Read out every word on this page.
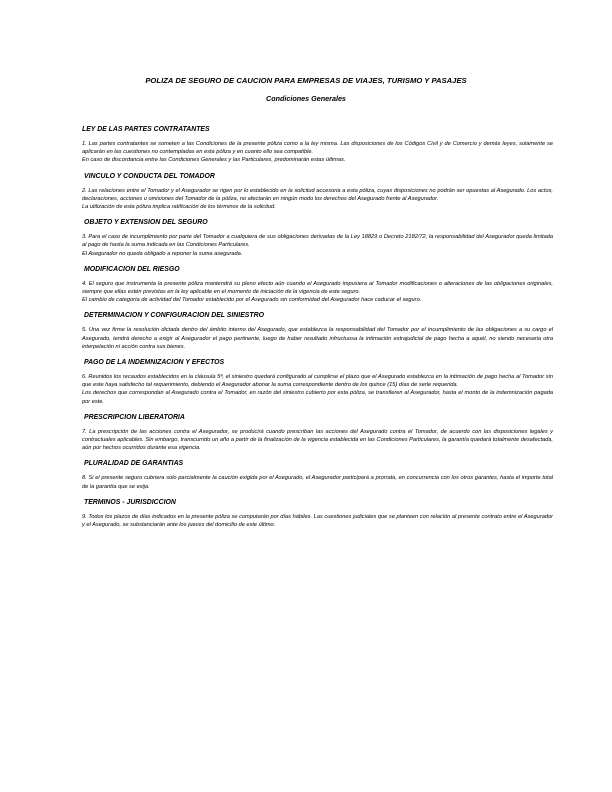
POLIZA DE SEGURO DE CAUCION PARA EMPRESAS DE VIAJES, TURISMO Y PASAJES
Condiciones Generales

LEY DE LAS PARTES CONTRATANTES

1. Las partes contratantes se someten a las Condiciones de la presente póliza como a la ley misma. Las disposiciones de los Códigos Civil y de Comercio y demás leyes, solamente se aplicarán en las cuestiones no contempladas en esta póliza y en cuanto ello sea compatible.

En caso de discordancia entre las Condiciones Generales y las Particulares, predominarán estas últimas.

VINCULO Y CONDUCTA DEL TOMADOR

2. Las relaciones entre el Tomador y el Asegurador se rigen por lo establecido en la solicitud accesoria a esta póliza, cuyas disposiciones no podrán ser opuestas al Asegurado. Los actos, declaraciones, acciones u omisiones del Tomador de la póliza, no afectarán en ningún modo los derechos del Asegurado frente al Asegurador.

La utilización de esta póliza implica ratificación de los términos de la solicitud.

OBJETO Y EXTENSION DEL SEGURO

3. Para el caso de incumplimiento por parte del Tomador a cualquiera de sus obligaciones derivadas de la Ley 18829 o Decreto 2182/72, la responsabilidad del Asegurador queda limitada al pago de hasta la suma indicada en las Condiciones Particulares.

El Asegurador no queda obligado a reponer la suma asegurada.

MODIFICACION DEL RIESGO

4. El seguro que instrumenta la presente póliza mantendrá su pleno efecto aún cuando el Asegurado impusiera al Tomador modificaciones o alteraciones de las obligaciones originales, siempre que ellas estén previstas en la ley aplicable en el momento de iniciación de la vigencia de este seguro.

El cambio de categoría de actividad del Tomador establecido por el Asegurado sin conformidad del Asegurador hace caducar el seguro.

DETERMINACION Y CONFIGURACION DEL SINIESTRO

5. Una vez firme la resolución dictada dentro del ámbito interno del Asegurado, que establezca la responsabilidad del Tomador por el incumplimiento de las obligaciones a su cargo el Asegurado, tendrá derecho a exigir al Asegurador el pago pertinente, luego de haber resultado infructuosa la intimación extrajudicial de pago hecha a aquél, no siendo necesaria otra interpelación ni acción contra sus bienes.

PAGO DE LA INDEMNIZACION Y EFECTOS

6. Reunidos los recaudos establecidos en la cláusula 5ª, el siniestro quedará configurado al cumplirse el plazo que el Asegurado establezca en la intimación de pago hecha al Tomador sin que este haya satisfecho tal requerimiento, debiendo el Asegurador abonar la suma correspondiente dentro de los quince (15) días de serle requerida.

Los derechos que correspondan al Asegurado contra el Tomador, en razón del siniestro cubierto por esta póliza, se transfieren al Asegurador, hasta el monto de la indemnización pagada por este.

PRESCRIPCION LIBERATORIA

7. La prescripción de las acciones contra el Asegurador, se producirá cuando prescriban las acciones del Asegurado contra el Tomador, de acuerdo con las disposiciones legales y contractuales aplicables. Sin embargo, transcurrido un año a partir de la finalización de la vigencia establecida en las Condiciones Particulares, la garantía quedará totalmente desafectada, aún por hechos ocurridos durante esa vigencia.

PLURALIDAD DE GARANTIAS

8. Si el presente seguro cubriera solo parcialmente la caución exigida por el Asegurado, el Asegurador participará a prorrata, en concurrencia con los otros garantes, hasta el importe total de la garantía que se exija.

TERMINOS - JURISDICCION

9. Todos los plazos de días indicados en la presente póliza se computarán por días hábiles. Las cuestiones judiciales que se planteen con relación al presente contrato entre el Asegurador y el Asegurado, se substanciarán ante los jueces del domicilio de este último.
